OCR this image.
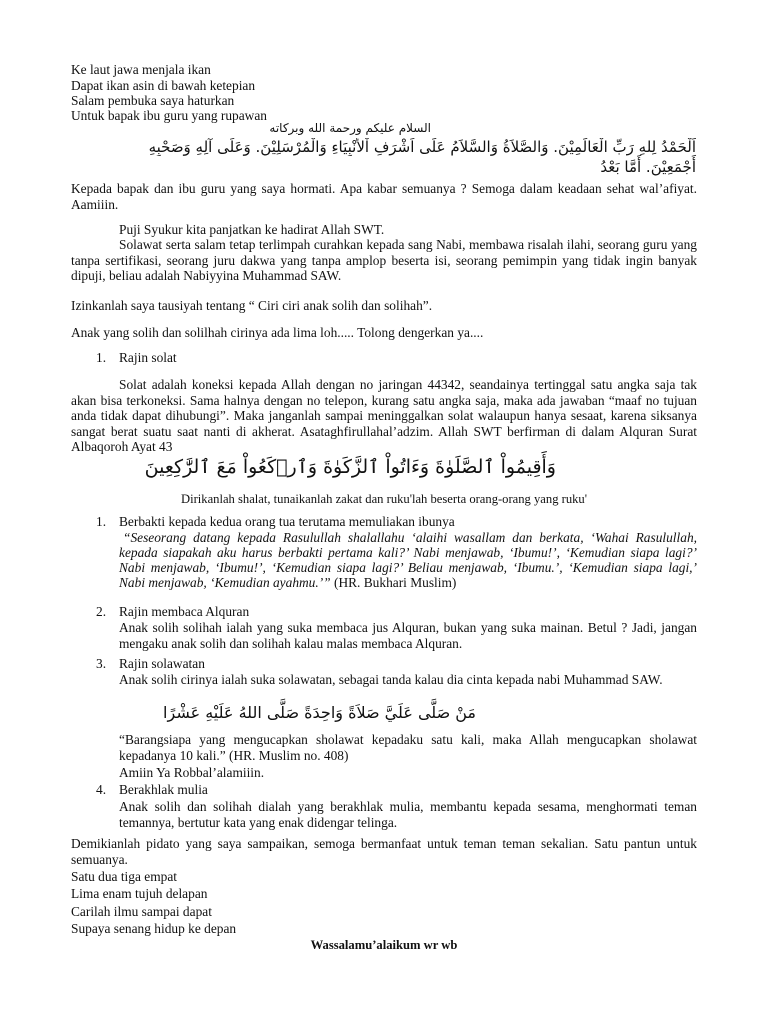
Ke laut jawa menjala ikan
Dapat ikan asin di bawah ketepian
Salam pembuka saya haturkan
Untuk bapak ibu guru yang rupawan
السلام عليكم ورحمة الله وبركاته
اَلْحَمْدُ لِلهِ رَبِّ الْعَالَمِيْنَ. وَالصَّلاَةُ وَالسَّلاَمُ عَلَى اَشْرَفِ اْلأَنْبِيَاءِ وَالْمُرْسَلِيْنَ. وَعَلَى آلِهِ وَصَحْبِهِ
أَجْمَعِيْنَ. أَمَّا بَعْدُ
Kepada bapak dan ibu guru yang saya hormati. Apa kabar semuanya ? Semoga dalam keadaan sehat wal’afiyat. Aamiiin.
Puji Syukur kita panjatkan ke hadirat Allah SWT.
Solawat serta salam tetap terlimpah curahkan kepada sang Nabi, membawa risalah ilahi, seorang guru yang tanpa sertifikasi, seorang juru dakwa yang tanpa amplop beserta isi, seorang pemimpin yang tidak ingin banyak dipuji, beliau adalah Nabiyyina Muhammad SAW.
Izinkanlah saya tausiyah tentang “ Ciri ciri anak solih dan solihah”.
Anak yang solih dan solilhah cirinya ada lima loh..... Tolong dengerkan ya....
1. Rajin solat
Solat adalah koneksi kepada Allah dengan no jaringan 44342, seandainya tertinggal satu angka saja tak akan bisa terkoneksi. Sama halnya dengan no telepon, kurang satu angka saja, maka ada jawaban “maaf no tujuan anda tidak dapat dihubungi”. Maka janganlah sampai meninggalkan solat walaupun hanya sesaat, karena siksanya sangat berat suatu saat nanti di akherat. Asataghfirullahal’adzim. Allah SWT berfirman di dalam Alquran Surat Albaqoroh Ayat 43
وَأَقِيمُواْ ٱلصَّلَوٰةَ وَءَاتُواْ ٱلزَّكَوٰةَ وَٱرۡكَعُواْ مَعَ ٱلرَّٰكِعِينَ
Dirikanlah shalat, tunaikanlah zakat dan ruku'lah beserta orang-orang yang ruku'
1. Berbakti kepada kedua orang tua terutama memuliakan ibunya
“Seseorang datang kepada Rasulullah shalallahu ‘alaihi wasallam dan berkata, ‘Wahai Rasulullah, kepada siapakah aku harus berbakti pertama kali?’ Nabi menjawab, ‘Ibumu!’, ‘Kemudian siapa lagi?’ Nabi menjawab, ‘Ibumu!’, ‘Kemudian siapa lagi?’ Beliau menjawab, ‘Ibumu.’, ‘Kemudian siapa lagi,’ Nabi menjawab, ‘Kemudian ayahmu.’” (HR. Bukhari Muslim)
2. Rajin membaca Alquran
Anak solih solihah ialah yang suka membaca jus Alquran, bukan yang suka mainan. Betul ? Jadi, jangan mengaku anak solih dan solihah kalau malas membaca Alquran.
3. Rajin solawatan
Anak solih cirinya ialah suka solawatan, sebagai tanda kalau dia cinta kepada nabi Muhammad SAW.
مَنْ صَلَّى عَلَيَّ صَلاَةً وَاحِدَةً صَلَّى اللهُ عَلَيْهِ عَشْرًا
“Barangsiapa yang mengucapkan sholawat kepadaku satu kali, maka Allah mengucapkan sholawat kepadanya 10 kali.” (HR. Muslim no. 408)
Amiin Ya Robbal’alamiiin.
4. Berakhlak mulia
Anak solih dan solihah dialah yang berakhlak mulia, membantu kepada sesama, menghormati teman temannya, bertutur kata yang enak didengar telinga.
Demikianlah pidato yang saya sampaikan, semoga bermanfaat untuk teman teman sekalian. Satu pantun untuk semuanya.
Satu dua tiga empat
Lima enam tujuh delapan
Carilah ilmu sampai dapat
Supaya senang hidup ke depan
Wassalamu’alaikum wr wb
